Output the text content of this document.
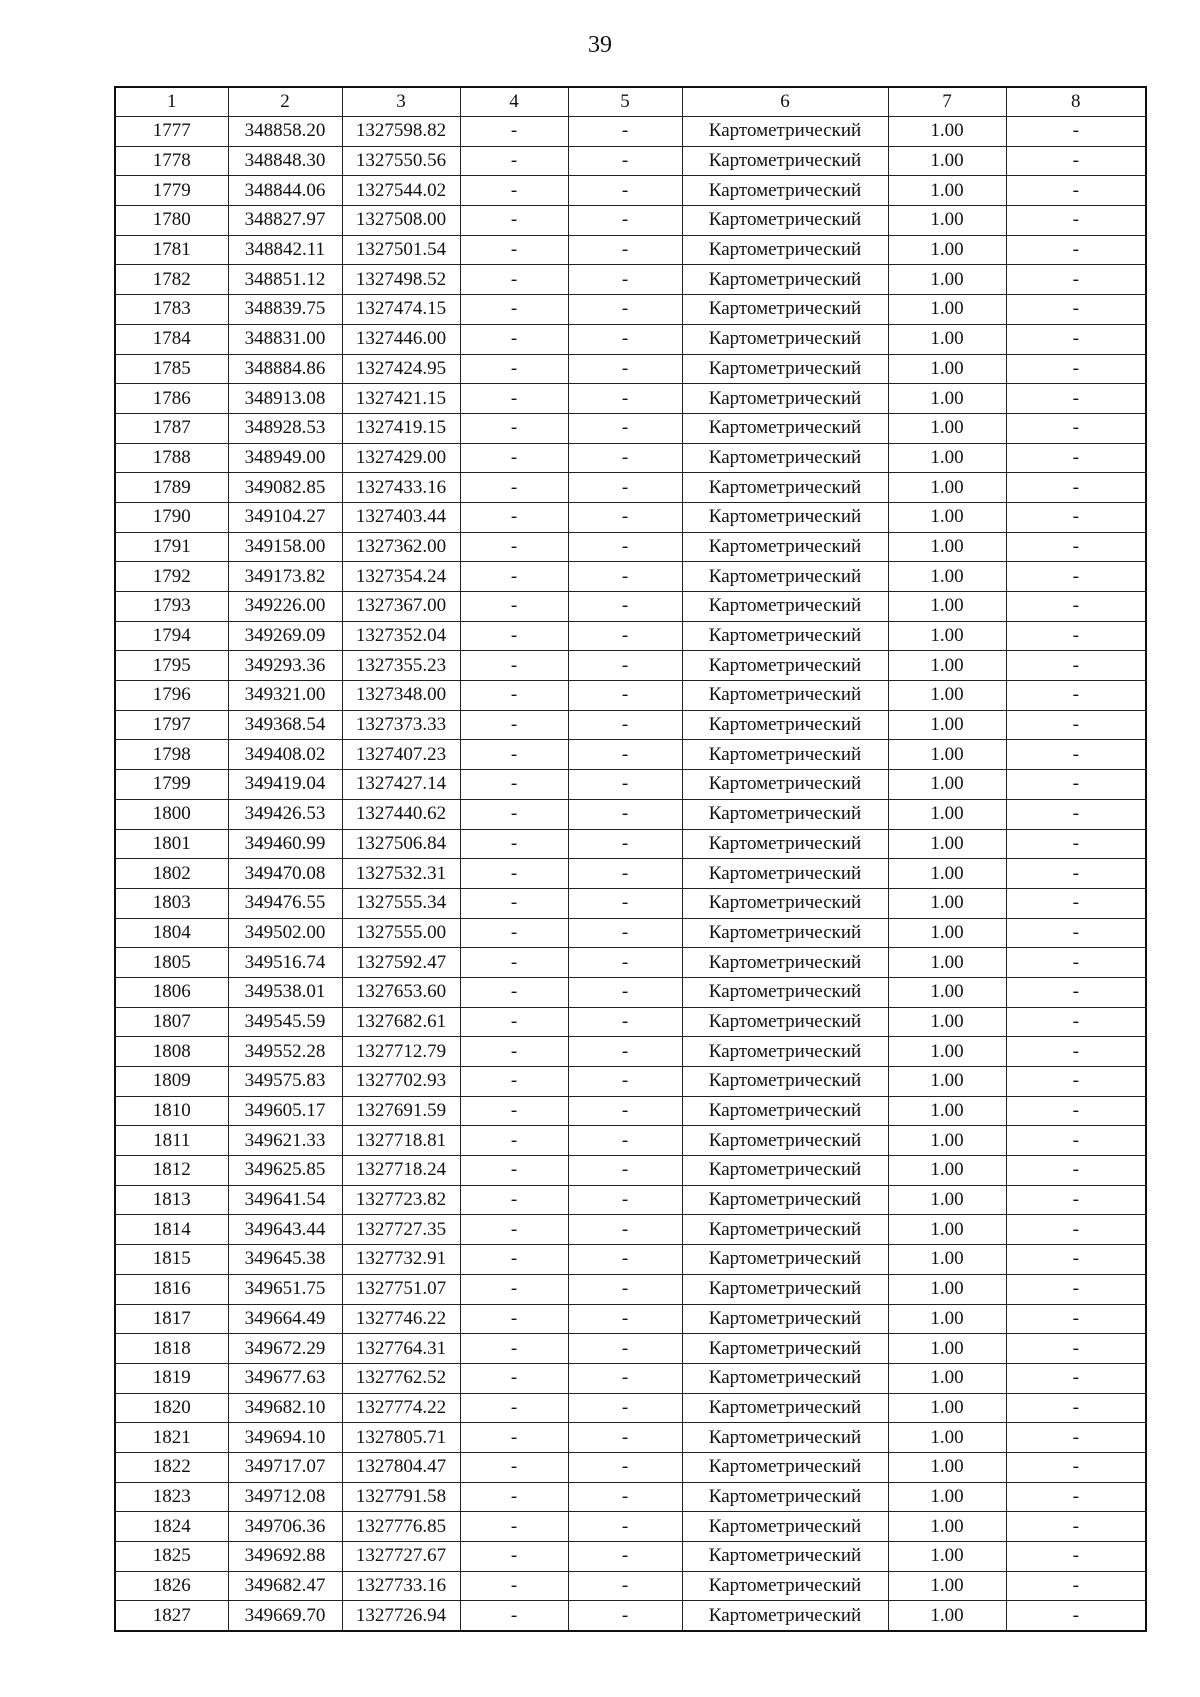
39
1	2	3	4	5	6	7	8
1777	348858.20	1327598.82	-	-	Картометрический	1.00	-
1778	348848.30	1327550.56	-	-	Картометрический	1.00	-
1779	348844.06	1327544.02	-	-	Картометрический	1.00	-
1780	348827.97	1327508.00	-	-	Картометрический	1.00	-
1781	348842.11	1327501.54	-	-	Картометрический	1.00	-
1782	348851.12	1327498.52	-	-	Картометрический	1.00	-
1783	348839.75	1327474.15	-	-	Картометрический	1.00	-
1784	348831.00	1327446.00	-	-	Картометрический	1.00	-
1785	348884.86	1327424.95	-	-	Картометрический	1.00	-
1786	348913.08	1327421.15	-	-	Картометрический	1.00	-
1787	348928.53	1327419.15	-	-	Картометрический	1.00	-
1788	348949.00	1327429.00	-	-	Картометрический	1.00	-
1789	349082.85	1327433.16	-	-	Картометрический	1.00	-
1790	349104.27	1327403.44	-	-	Картометрический	1.00	-
1791	349158.00	1327362.00	-	-	Картометрический	1.00	-
1792	349173.82	1327354.24	-	-	Картометрический	1.00	-
1793	349226.00	1327367.00	-	-	Картометрический	1.00	-
1794	349269.09	1327352.04	-	-	Картометрический	1.00	-
1795	349293.36	1327355.23	-	-	Картометрический	1.00	-
1796	349321.00	1327348.00	-	-	Картометрический	1.00	-
1797	349368.54	1327373.33	-	-	Картометрический	1.00	-
1798	349408.02	1327407.23	-	-	Картометрический	1.00	-
1799	349419.04	1327427.14	-	-	Картометрический	1.00	-
1800	349426.53	1327440.62	-	-	Картометрический	1.00	-
1801	349460.99	1327506.84	-	-	Картометрический	1.00	-
1802	349470.08	1327532.31	-	-	Картометрический	1.00	-
1803	349476.55	1327555.34	-	-	Картометрический	1.00	-
1804	349502.00	1327555.00	-	-	Картометрический	1.00	-
1805	349516.74	1327592.47	-	-	Картометрический	1.00	-
1806	349538.01	1327653.60	-	-	Картометрический	1.00	-
1807	349545.59	1327682.61	-	-	Картометрический	1.00	-
1808	349552.28	1327712.79	-	-	Картометрический	1.00	-
1809	349575.83	1327702.93	-	-	Картометрический	1.00	-
1810	349605.17	1327691.59	-	-	Картометрический	1.00	-
1811	349621.33	1327718.81	-	-	Картометрический	1.00	-
1812	349625.85	1327718.24	-	-	Картометрический	1.00	-
1813	349641.54	1327723.82	-	-	Картометрический	1.00	-
1814	349643.44	1327727.35	-	-	Картометрический	1.00	-
1815	349645.38	1327732.91	-	-	Картометрический	1.00	-
1816	349651.75	1327751.07	-	-	Картометрический	1.00	-
1817	349664.49	1327746.22	-	-	Картометрический	1.00	-
1818	349672.29	1327764.31	-	-	Картометрический	1.00	-
1819	349677.63	1327762.52	-	-	Картометрический	1.00	-
1820	349682.10	1327774.22	-	-	Картометрический	1.00	-
1821	349694.10	1327805.71	-	-	Картометрический	1.00	-
1822	349717.07	1327804.47	-	-	Картометрический	1.00	-
1823	349712.08	1327791.58	-	-	Картометрический	1.00	-
1824	349706.36	1327776.85	-	-	Картометрический	1.00	-
1825	349692.88	1327727.67	-	-	Картометрический	1.00	-
1826	349682.47	1327733.16	-	-	Картометрический	1.00	-
1827	349669.70	1327726.94	-	-	Картометрический	1.00	-
